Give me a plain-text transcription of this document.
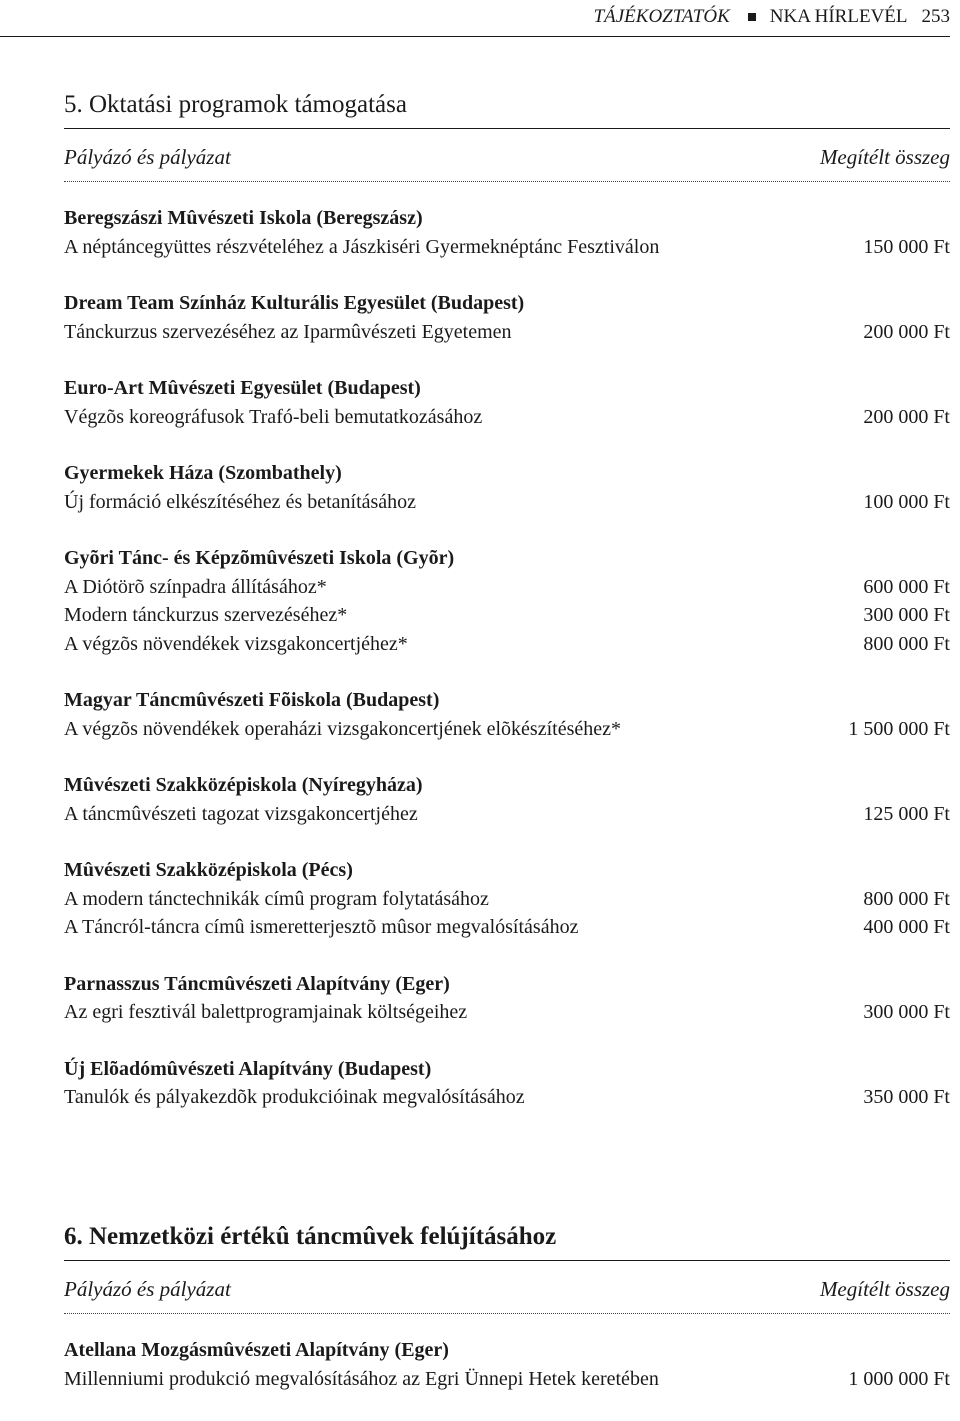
TÁJÉKOZTATÓK NKA HÍRLEVÉL 253
5. Oktatási programok támogatása
Pályázó és pályázat	Megítélt összeg
Beregszászi Mûvészeti Iskola (Beregszász)
A néptáncegyüttes részvételéhez a Jászkiséri Gyermeknéptánc Fesztiválon	150 000 Ft
Dream Team Színház Kulturális Egyesület (Budapest)
Tánckurzus szervezéséhez az Iparmûvészeti Egyetemen	200 000 Ft
Euro-Art Mûvészeti Egyesület (Budapest)
Végzõs koreográfusok Trafó-beli bemutatkozásához	200 000 Ft
Gyermekek Háza (Szombathely)
Új formáció elkészítéséhez és betanításához	100 000 Ft
Gyõri Tánc- és Képzõmûvészeti Iskola (Gyõr)
A Diótörõ színpadra állításához*	600 000 Ft
Modern tánckurzus szervezéséhez*	300 000 Ft
A végzõs növendékek vizsgakoncertjéhez*	800 000 Ft
Magyar Táncmûvészeti Fõiskola (Budapest)
A végzõs növendékek operaházi vizsgakoncertjének elõkészítéséhez*	1 500 000 Ft
Mûvészeti Szakközépiskola (Nyíregyháza)
A táncmûvészeti tagozat vizsgakoncertjéhez	125 000 Ft
Mûvészeti Szakközépiskola (Pécs)
A modern tánctechnikák címû program folytatásához	800 000 Ft
A Táncról-táncra címû ismeretterjesztõ mûsor megvalósításához	400 000 Ft
Parnasszus Táncmûvészeti Alapítvány (Eger)
Az egri fesztivál balettprogramjainak költségeihez	300 000 Ft
Új Elõadómûvészeti Alapítvány (Budapest)
Tanulók és pályakezdõk produkcióinak megvalósításához	350 000 Ft
6. Nemzetközi értékû táncmûvek felújításához
Pályázó és pályázat	Megítélt összeg
Atellana Mozgásmûvészeti Alapítvány (Eger)
Millenniumi produkció megvalósításához az Egri Ünnepi Hetek keretében	1 000 000 Ft
